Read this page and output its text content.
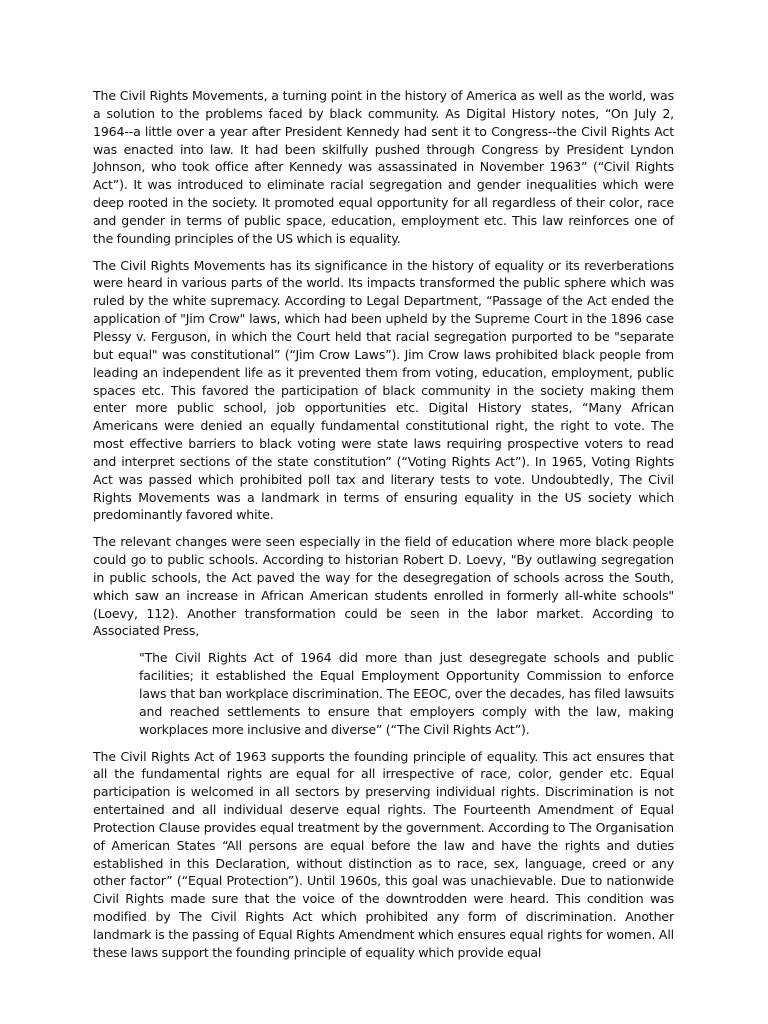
The Civil Rights Movements, a turning point in the history of America as well as the world, was a solution to the problems faced by black community. As Digital History notes, “On July 2, 1964--a little over a year after President Kennedy had sent it to Congress--the Civil Rights Act was enacted into law. It had been skilfully pushed through Congress by President Lyndon Johnson, who took office after Kennedy was assassinated in November 1963” (“Civil Rights Act”). It was introduced to eliminate racial segregation and gender inequalities which were deep rooted in the society. It promoted equal opportunity for all regardless of their color, race and gender in terms of public space, education, employment etc. This law reinforces one of the founding principles of the US which is equality.

The Civil Rights Movements has its significance in the history of equality or its reverberations were heard in various parts of the world. Its impacts transformed the public sphere which was ruled by the white supremacy. According to Legal Department, “Passage of the Act ended the application of "Jim Crow" laws, which had been upheld by the Supreme Court in the 1896 case Plessy v. Ferguson, in which the Court held that racial segregation purported to be "separate but equal" was constitutional” (“Jim Crow Laws”). Jim Crow laws prohibited black people from leading an independent life as it prevented them from voting, education, employment, public spaces etc. This favored the participation of black community in the society making them enter more public school, job opportunities etc. Digital History states, “Many African Americans were denied an equally fundamental constitutional right, the right to vote. The most effective barriers to black voting were state laws requiring prospective voters to read and interpret sections of the state constitution” (“Voting Rights Act”). In 1965, Voting Rights Act was passed which prohibited poll tax and literary tests to vote. Undoubtedly, The Civil Rights Movements was a landmark in terms of ensuring equality in the US society which predominantly favored white.

The relevant changes were seen especially in the field of education where more black people could go to public schools. According to historian Robert D. Loevy, "By outlawing segregation in public schools, the Act paved the way for the desegregation of schools across the South, which saw an increase in African American students enrolled in formerly all-white schools" (Loevy, 112). Another transformation could be seen in the labor market. According to Associated Press,

"The Civil Rights Act of 1964 did more than just desegregate schools and public facilities; it established the Equal Employment Opportunity Commission to enforce laws that ban workplace discrimination. The EEOC, over the decades, has filed lawsuits and reached settlements to ensure that employers comply with the law, making workplaces more inclusive and diverse” (“The Civil Rights Act”).

The Civil Rights Act of 1963 supports the founding principle of equality. This act ensures that all the fundamental rights are equal for all irrespective of race, color, gender etc. Equal participation is welcomed in all sectors by preserving individual rights. Discrimination is not entertained and all individual deserve equal rights. The Fourteenth Amendment of Equal Protection Clause provides equal treatment by the government. According to The Organisation of American States “All persons are equal before the law and have the rights and duties established in this Declaration, without distinction as to race, sex, language, creed or any other factor” (“Equal Protection”). Until 1960s, this goal was unachievable. Due to nationwide Civil Rights made sure that the voice of the downtrodden were heard. This condition was modified by The Civil Rights Act which prohibited any form of discrimination. Another landmark is the passing of Equal Rights Amendment which ensures equal rights for women. All these laws support the founding principle of equality which provide equal
